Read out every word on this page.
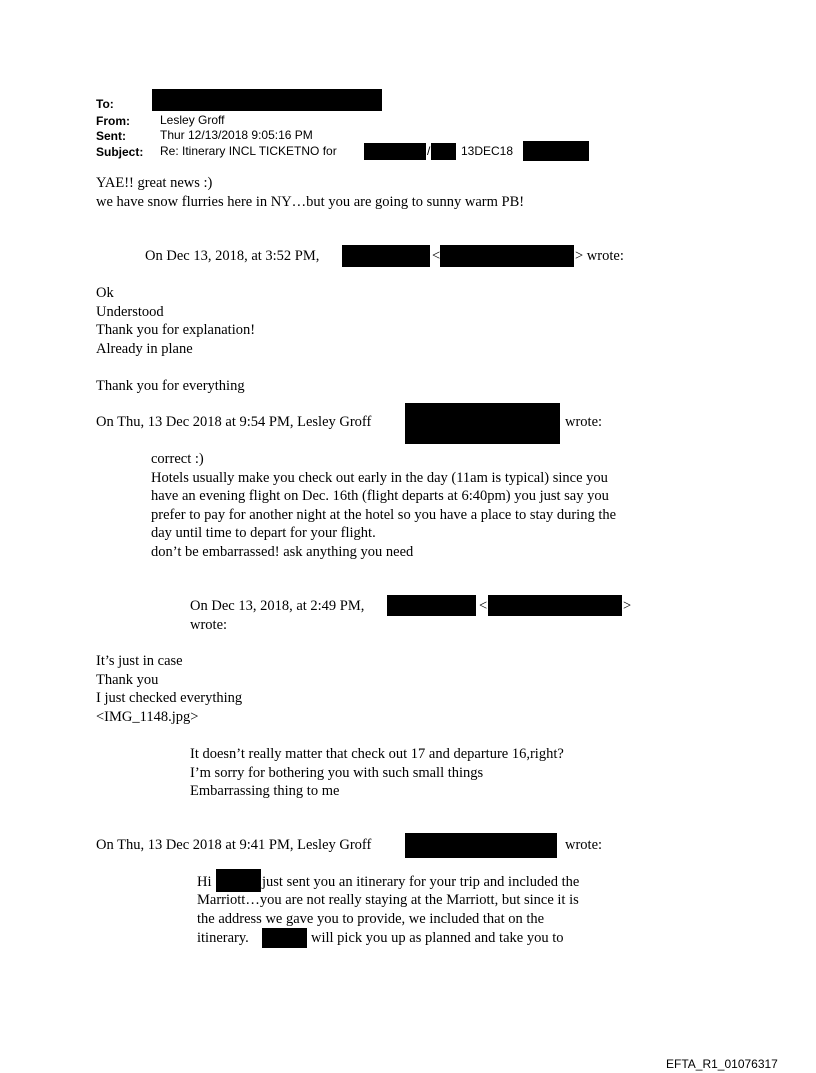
To:
From:	Lesley Groff
Sent:	Thur 12/13/2018 9:05:16 PM
Subject: Re: Itinerary INCL TICKETNO for	/	13DEC18
YAE!! great news :)
we have snow flurries here in NY…but you are going to sunny warm PB!
On Dec 13, 2018, at 3:52 PM,	<	> wrote:
Ok
Understood
Thank you for explanation!
Already in plane
Thank you for everything
On Thu, 13 Dec 2018 at 9:54 PM, Lesley Groff	wrote:
correct :)
Hotels usually make you check out early in the day (11am is typical) since you
have an evening flight on Dec. 16th (flight departs at 6:40pm) you just say you
prefer to pay for another night at the hotel so you have a place to stay during the
day until time to depart for your flight.
don’t be embarrassed! ask anything you need
On Dec 13, 2018, at 2:49 PM,	<	>
wrote:
It’s just in case
Thank you
I just checked everything
<IMG_1148.jpg>
It doesn’t really matter that check out 17 and departure 16,right?
I’m sorry for bothering you with such small things
Embarrassing thing to me
On Thu, 13 Dec 2018 at 9:41 PM, Lesley Groff	wrote:
Hi	just sent you an itinerary for your trip and included the
Marriott…you are not really staying at the Marriott, but since it is
the address we gave you to provide, we included that on the
itinerary.	will pick you up as planned and take you to
EFTA_R1_01076317
